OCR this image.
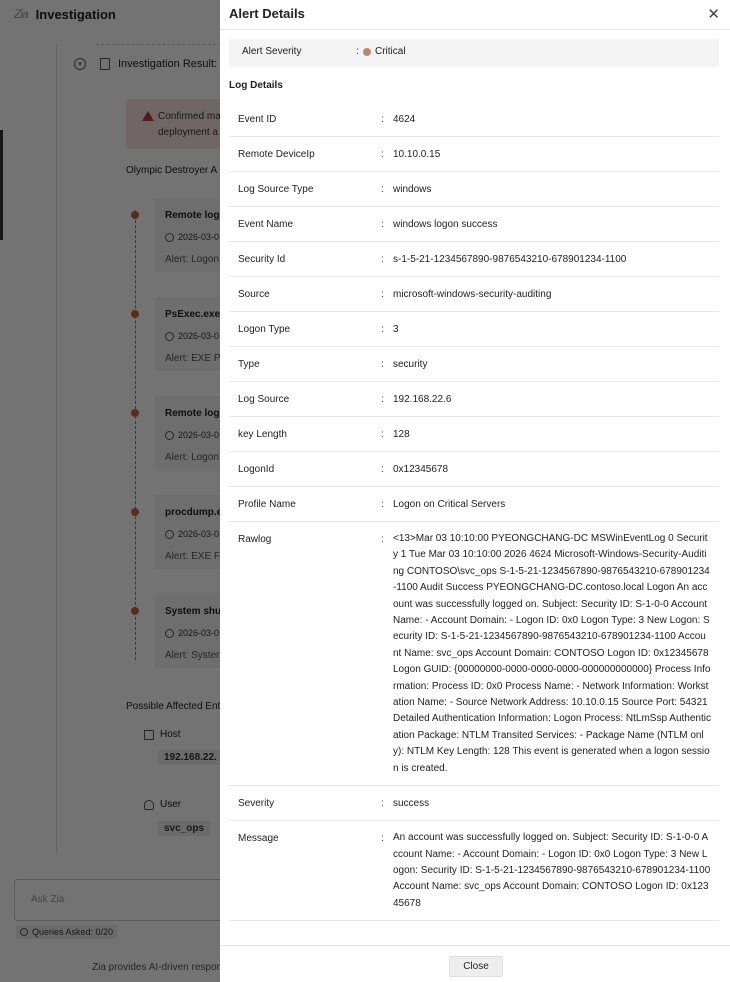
Alert Details	✕
Alert Severity	: Critical
Log Details
Event ID	: 4624
Remote DeviceIp	: 10.10.0.15
Log Source Type	: windows
Event Name	: windows logon success
Security Id	: s-1-5-21-1234567890-9876543210-678901234-1100
Source	: microsoft-windows-security-auditing
Logon Type	: 3
Type	: security
Log Source	: 192.168.22.6
key Length	: 128
LogonId	: 0x12345678
Profile Name	: Logon on Critical Servers
Rawlog	: <13>Mar 03 10:10:00 PYEONGCHANG-DC MSWinEventLog 0 Security 1 Tue Mar 03 10:10:00 2026 4624 Microsoft-Windows-Security-Auditing CONTOSO\svc_ops S-1-5-21-1234567890-9876543210-678901234-1100 Audit Success PYEONGCHANG-DC.contoso.local Logon An account was successfully logged on. Subject: Security ID: S-1-0-0 Account Name: - Account Domain: - Logon ID: 0x0 Logon Type: 3 New Logon: Security ID: S-1-5-21-1234567890-9876543210-678901234-1100 Account Name: svc_ops Account Domain: CONTOSO Logon ID: 0x12345678 Logon GUID: {00000000-0000-0000-0000-000000000000} Process Information: Process ID: 0x0 Process Name: - Network Information: Workstation Name: - Source Network Address: 10.10.0.15 Source Port: 54321 Detailed Authentication Information: Logon Process: NtLmSsp Authentication Package: NTLM Transited Services: - Package Name (NTLM only): NTLM Key Length: 128 This event is generated when a logon session is created.
Severity	: success
Message	: An account was successfully logged on. Subject: Security ID: S-1-0-0 Account Name: - Account Domain: - Logon ID: 0x0 Logon Type: 3 New Logon: Security ID: S-1-5-21-1234567890-9876543210-678901234-1100 Account Name: svc_ops Account Domain: CONTOSO Logon ID: 0x12345678
Close
